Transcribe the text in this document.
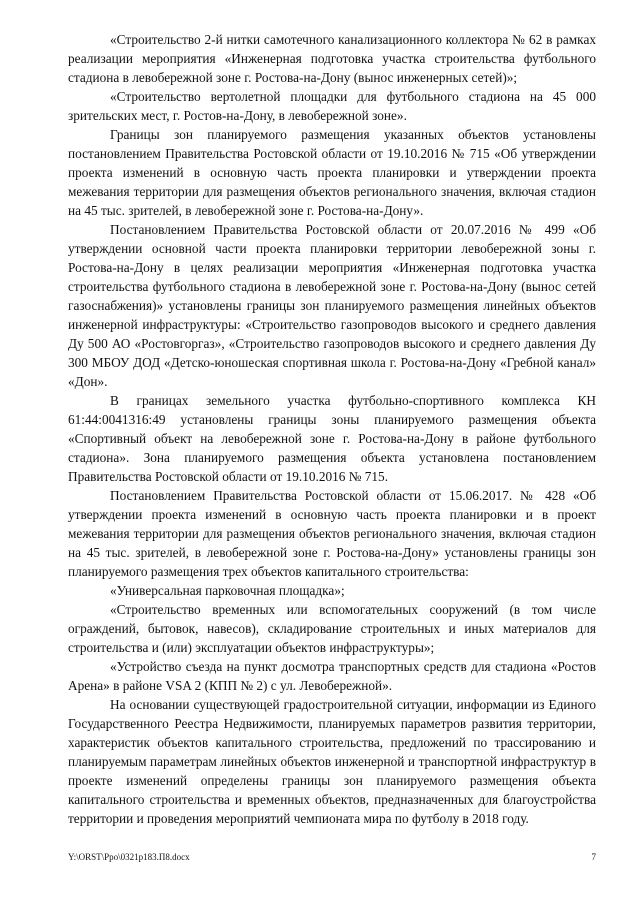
«Строительство 2-й нитки самотечного канализационного коллектора № 62 в рамках реализации мероприятия «Инженерная подготовка участка строительства футбольного стадиона в левобережной зоне г. Ростова-на-Дону (вынос инженерных сетей)»;

«Строительство вертолетной площадки для футбольного стадиона на 45 000 зрительских мест, г. Ростов-на-Дону, в левобережной зоне».

Границы зон планируемого размещения указанных объектов установлены постановлением Правительства Ростовской области от 19.10.2016 № 715 «Об утверждении проекта изменений в основную часть проекта планировки и утверждении проекта межевания территории для размещения объектов регионального значения, включая стадион на 45 тыс. зрителей, в левобережной зоне г. Ростова-на-Дону».

Постановлением Правительства Ростовской области от 20.07.2016 № 499 «Об утверждении основной части проекта планировки территории левобережной зоны г. Ростова-на-Дону в целях реализации мероприятия «Инженерная подготовка участка строительства футбольного стадиона в левобережной зоне г. Ростова-на-Дону (вынос сетей газоснабжения)» установлены границы зон планируемого размещения линейных объектов инженерной инфраструктуры: «Строительство газопроводов высокого и среднего давления Ду 500 АО «Ростовгоргаз», «Строительство газопроводов высокого и среднего давления Ду 300 МБОУ ДОД «Детско-юношеская спортивная школа г. Ростова-на-Дону «Гребной канал» «Дон».

В границах земельного участка футбольно-спортивного комплекса КН 61:44:0041316:49 установлены границы зоны планируемого размещения объекта «Спортивный объект на левобережной зоне г. Ростова-на-Дону в районе футбольного стадиона». Зона планируемого размещения объекта установлена постановлением Правительства Ростовской области от 19.10.2016 № 715.

Постановлением Правительства Ростовской области от 15.06.2017. № 428 «Об утверждении проекта изменений в основную часть проекта планировки и в проект межевания территории для размещения объектов регионального значения, включая стадион на 45 тыс. зрителей, в левобережной зоне г. Ростова-на-Дону» установлены границы зон планируемого размещения трех объектов капитального строительства:

«Универсальная парковочная площадка»;

«Строительство временных или вспомогательных сооружений (в том числе ограждений, бытовок, навесов), складирование строительных и иных материалов для строительства и (или) эксплуатации объектов инфраструктуры»;

«Устройство съезда на пункт досмотра транспортных средств для стадиона «Ростов Арена» в районе VSA 2 (КПП № 2) с ул. Левобережной».

На основании существующей градостроительной ситуации, информации из Единого Государственного Реестра Недвижимости, планируемых параметров развития территории, характеристик объектов капитального строительства, предложений по трассированию и планируемым параметрам линейных объектов инженерной и транспортной инфраструктур в проекте изменений определены границы зон планируемого размещения объекта капитального строительства и временных объектов, предназначенных для благоустройства территории и проведения мероприятий чемпионата мира по футболу в 2018 году.

Y:\ORST\Ppo\0321p183.П8.docx	7
